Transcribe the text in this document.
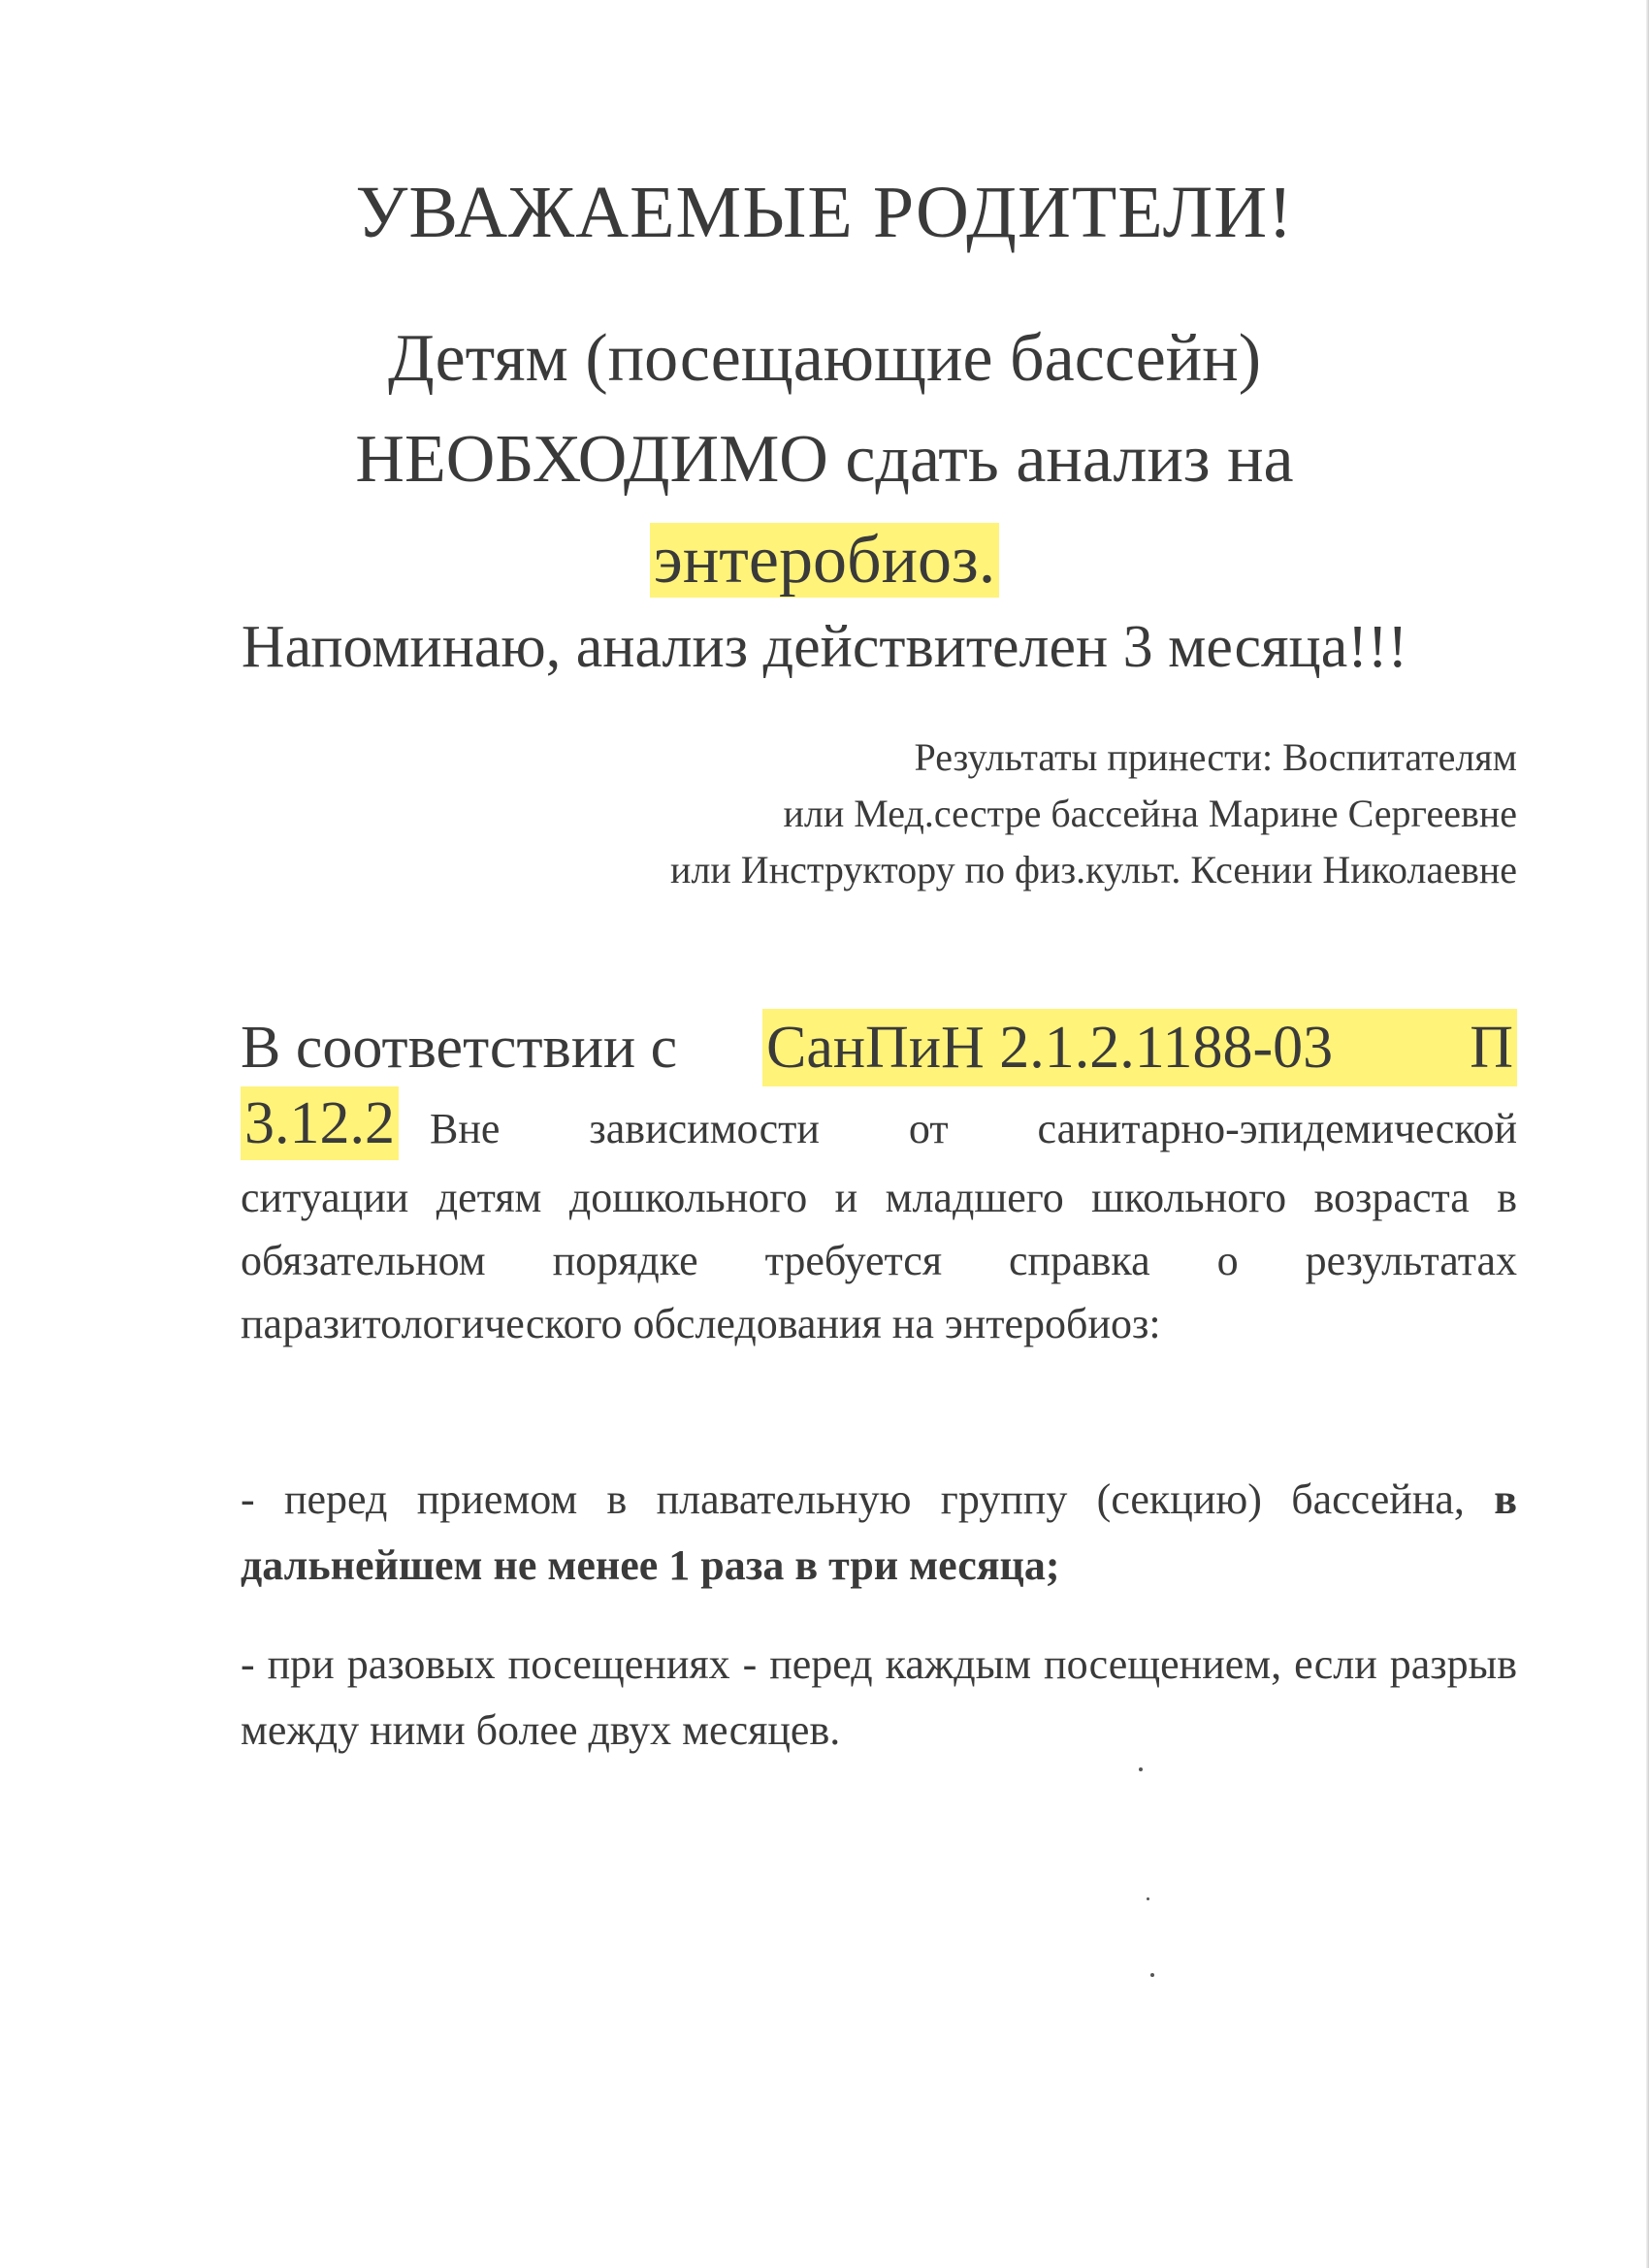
УВАЖАЕМЫЕ РОДИТЕЛИ!
Детям (посещающие бассейн)
НЕОБХОДИМО сдать анализ на
энтеробиоз.

Напоминаю, анализ действителен 3 месяца!!!

Результаты принести: Воспитателям
или Мед.сестре бассейна Марине Сергеевне
или Инструктору по физ.культ. Ксении Николаевне
В соответствии с СанПиН 2.1.2.1188-03 П
3.12.2 Вне зависимости от санитарно-эпидемической
ситуации детям дошкольного и младшего школьного возраста в обязательном порядке требуется справка о результатах паразитологического обследования на энтеробиоз:

- перед приемом в плавательную группу (секцию) бассейна, в дальнейшем не менее 1 раза в три месяца;

- при разовых посещениях - перед каждым посещением, если разрыв между ними более двух месяцев.
